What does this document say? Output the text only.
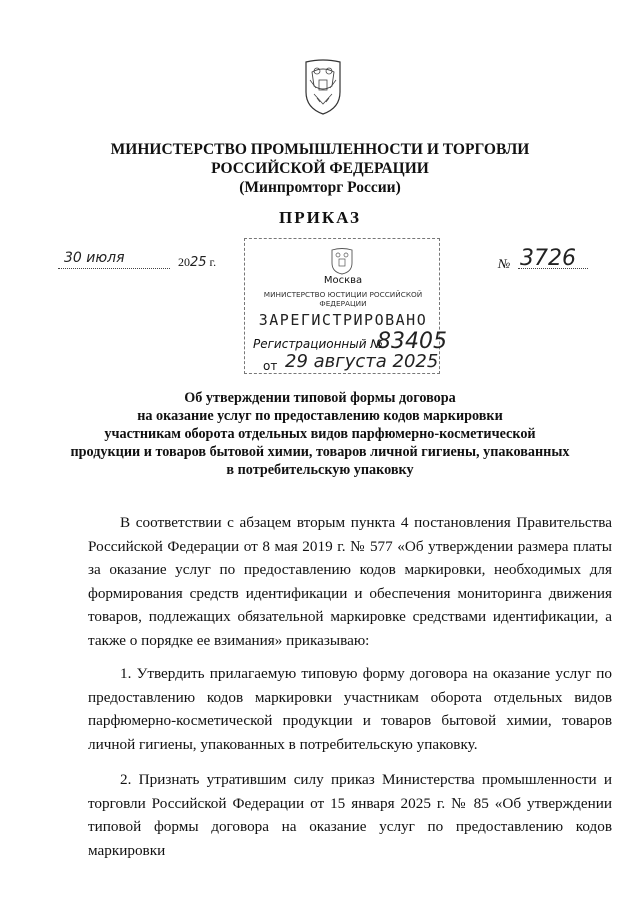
МИНИСТЕРСТВО ПРОМЫШЛЕННОСТИ И ТОРГОВЛИ
РОССИЙСКОЙ ФЕДЕРАЦИИ
(Минпромторг России)
ПРИКАЗ
30 июля	2025 г.	№ 3726
Москва
МИНИСТЕРСТВО ЮСТИЦИИ РОССИЙСКОЙ ФЕДЕРАЦИИ
ЗАРЕГИСТРИРОВАНО
Регистрационный №
83405
от 29 августа 2025
Об утверждении типовой формы договора
на оказание услуг по предоставлению кодов маркировки
участникам оборота отдельных видов парфюмерно-косметической
продукции и товаров бытовой химии, товаров личной гигиены, упакованных
в потребительскую упаковку
В соответствии с абзацем вторым пункта 4 постановления Правительства Российской Федерации от 8 мая 2019 г. № 577 «Об утверждении размера платы за оказание услуг по предоставлению кодов маркировки, необходимых для формирования средств идентификации и обеспечения мониторинга движения товаров, подлежащих обязательной маркировке средствами идентификации, а также о порядке ее взимания» приказываю:
1. Утвердить прилагаемую типовую форму договора на оказание услуг по предоставлению кодов маркировки участникам оборота отдельных видов парфюмерно-косметической продукции и товаров бытовой химии, товаров личной гигиены, упакованных в потребительскую упаковку.
2. Признать утратившим силу приказ Министерства промышленности и торговли Российской Федерации от 15 января 2025 г. № 85 «Об утверждении типовой формы договора на оказание услуг по предоставлению кодов маркировки
